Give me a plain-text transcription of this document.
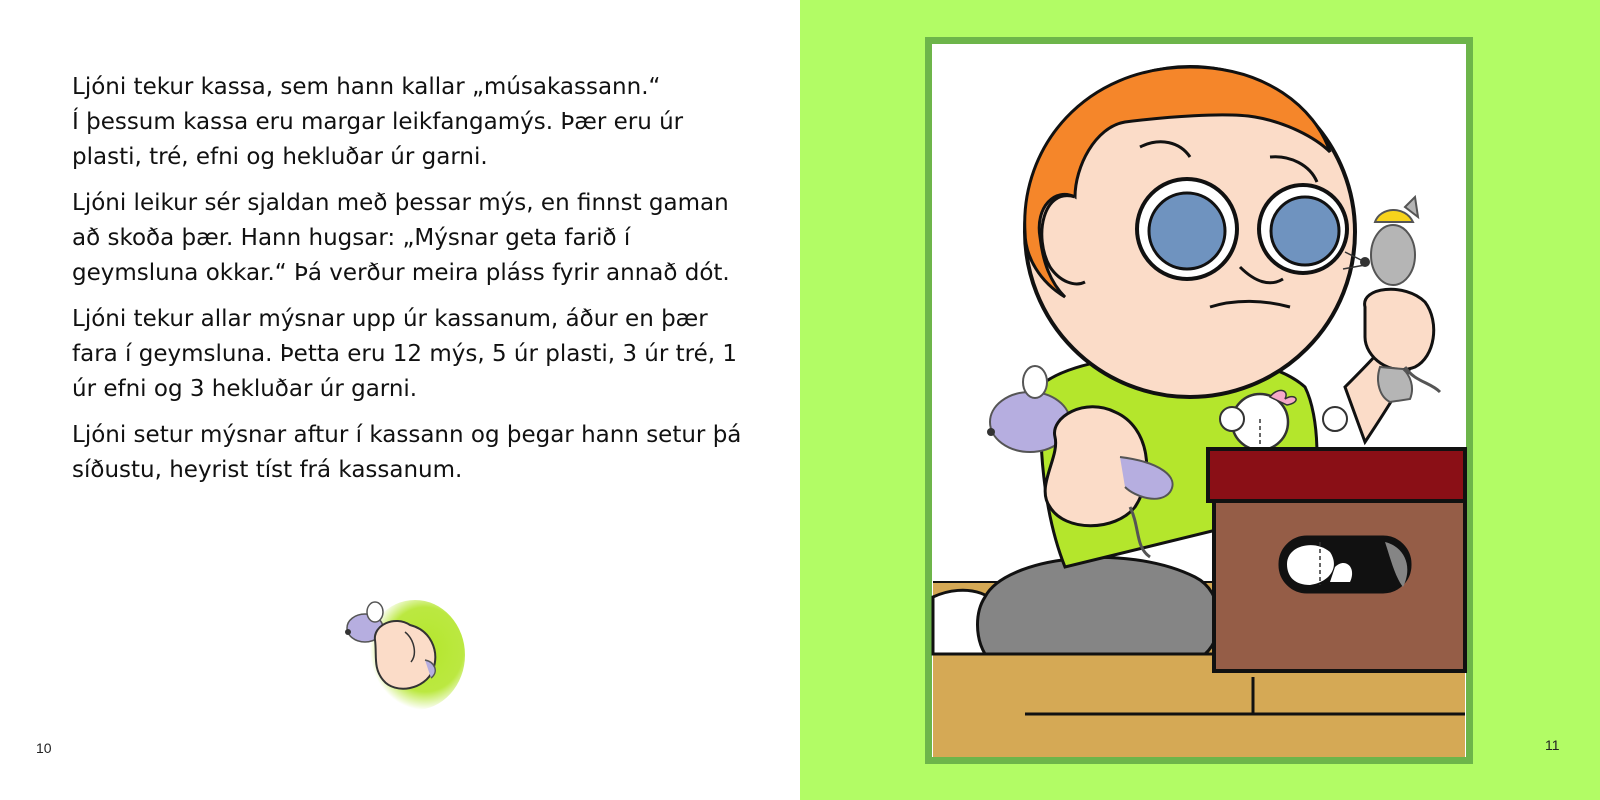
Ljóni tekur kassa, sem hann kallar „músakassann.“
Í þessum kassa eru margar leikfangamýs. Þær eru úr
plasti, tré, efni og hekluðar úr garni.

Ljóni leikur sér sjaldan með þessar mýs, en finnst gaman
að skoða þær. Hann hugsar: „Mýsnar geta farið í
geymsluna okkar.“ Þá verður meira pláss fyrir annað dót.

Ljóni tekur allar mýsnar upp úr kassanum, áður en þær
fara í geymsluna. Þetta eru 12 mýs, 5 úr plasti, 3 úr tré, 1
úr efni og 3 hekluðar úr garni.

Ljóni setur mýsnar aftur í kassann og þegar hann setur þá
síðustu, heyrist tíst frá kassanum.

10	11
